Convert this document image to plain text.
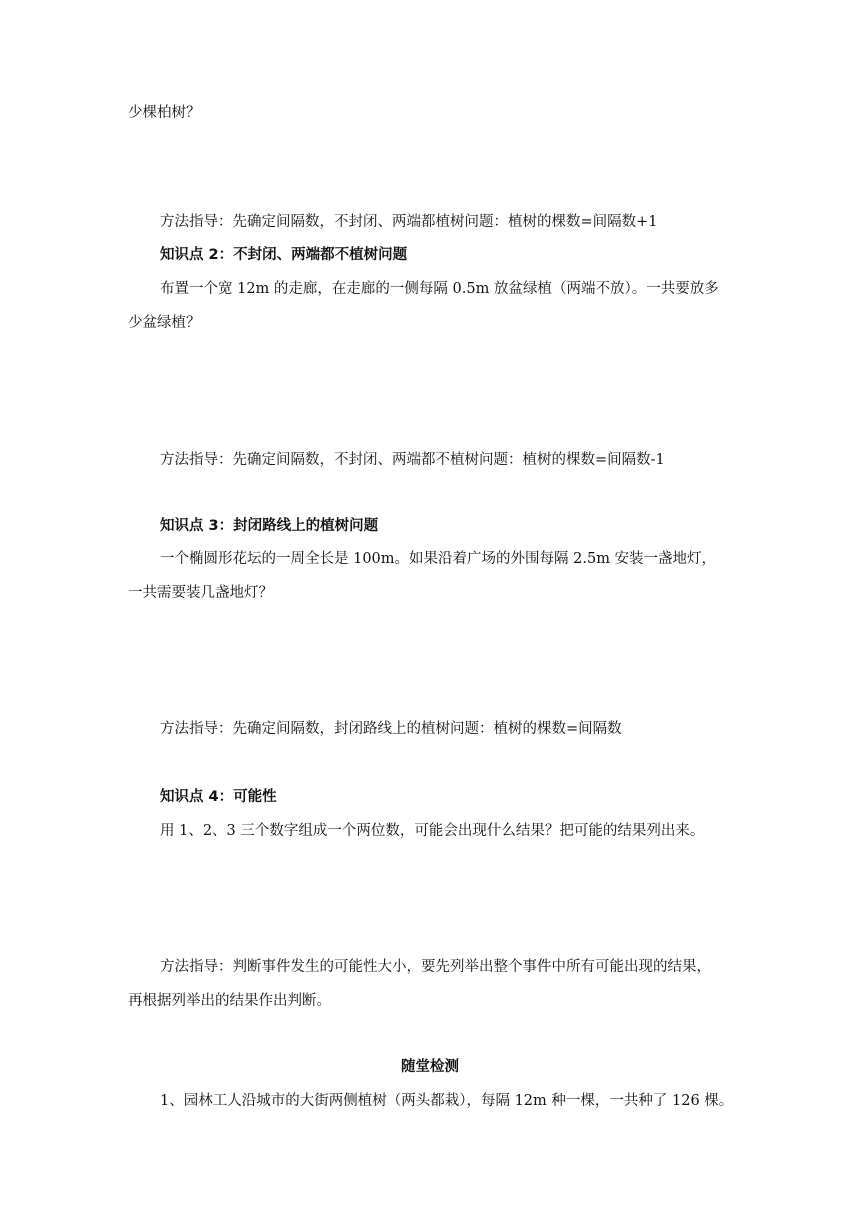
少棵柏树？
方法指导：先确定间隔数，不封闭、两端都植树问题：植树的棵数=间隔数+1
知识点 2：不封闭、两端都不植树问题
布置一个宽 12m 的走廊，在走廊的一侧每隔 0.5m 放盆绿植（两端不放）。一共要放多
少盆绿植？
方法指导：先确定间隔数，不封闭、两端都不植树问题：植树的棵数=间隔数-1
知识点 3：封闭路线上的植树问题
一个椭圆形花坛的一周全长是 100m。如果沿着广场的外围每隔 2.5m 安装一盏地灯，
一共需要装几盏地灯？
方法指导：先确定间隔数，封闭路线上的植树问题：植树的棵数=间隔数
知识点 4：可能性
用 1、2、3 三个数字组成一个两位数，可能会出现什么结果？把可能的结果列出来。
方法指导：判断事件发生的可能性大小，要先列举出整个事件中所有可能出现的结果，
再根据列举出的结果作出判断。
随堂检测
1、园林工人沿城市的大街两侧植树（两头都栽），每隔 12m 种一棵，一共种了 126 棵。
